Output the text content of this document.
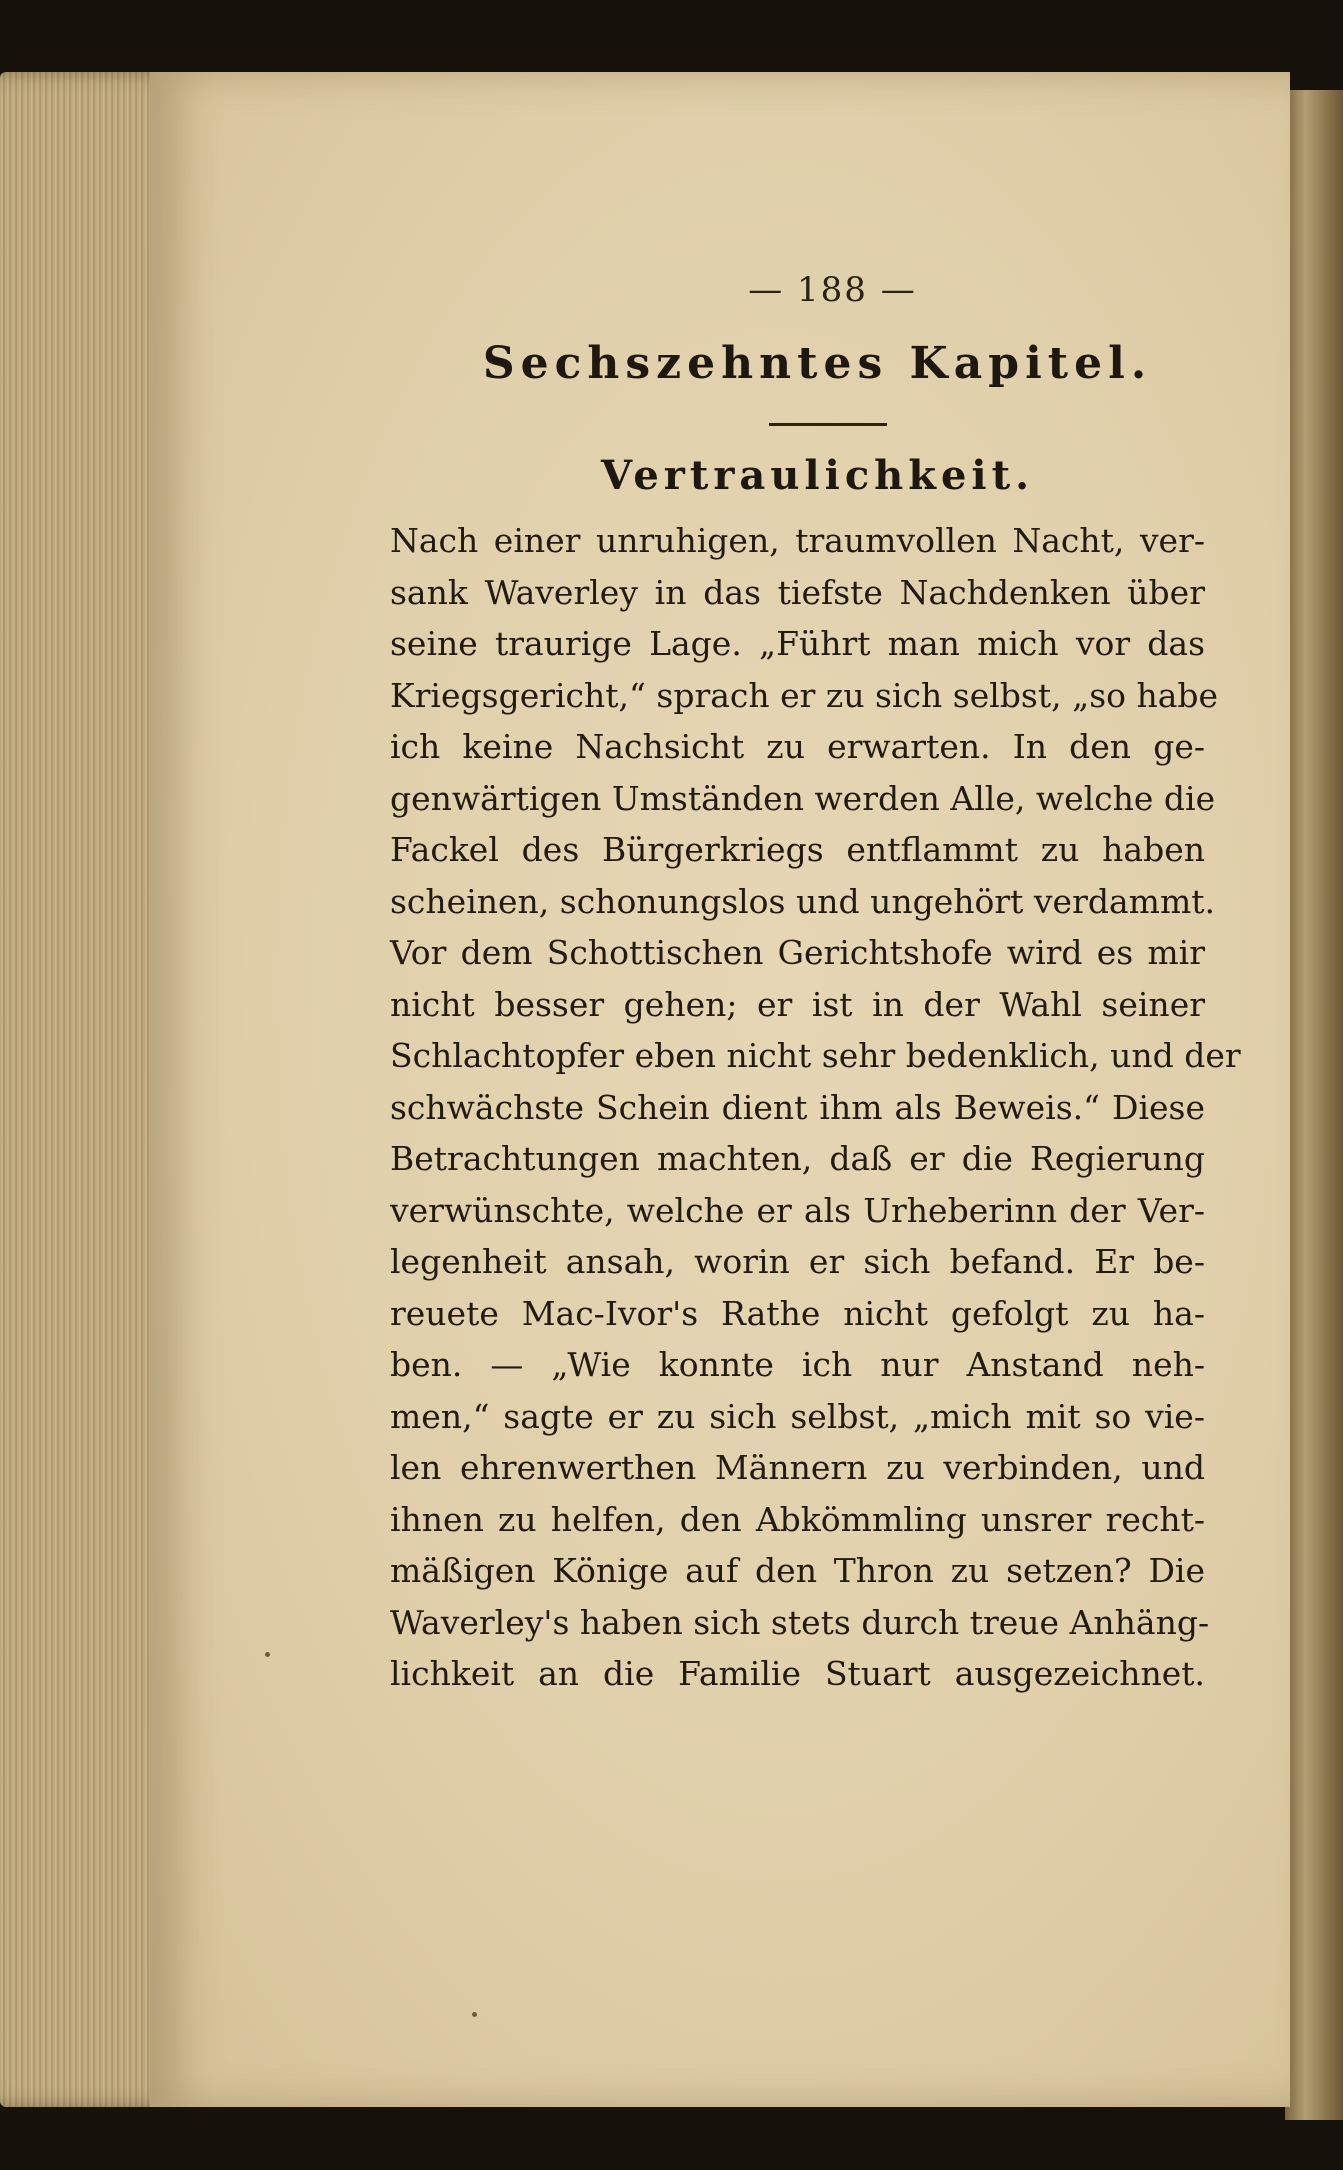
— 188 —
Sechszehntes Kapitel.
Vertraulichkeit.
Nach einer unruhigen, traumvollen Nacht, ver-
sank Waverley in das tiefste Nachdenken über
seine traurige Lage. „Führt man mich vor das
Kriegsgericht,“ sprach er zu sich selbst, „so habe
ich keine Nachsicht zu erwarten. In den ge-
genwärtigen Umständen werden Alle, welche die
Fackel des Bürgerkriegs entflammt zu haben
scheinen, schonungslos und ungehört verdammt.
Vor dem Schottischen Gerichtshofe wird es mir
nicht besser gehen; er ist in der Wahl seiner
Schlachtopfer eben nicht sehr bedenklich, und der
schwächste Schein dient ihm als Beweis.“ Diese
Betrachtungen machten, daß er die Regierung
verwünschte, welche er als Urheberinn der Ver-
legenheit ansah, worin er sich befand. Er be-
reuete Mac-Ivor's Rathe nicht gefolgt zu ha-
ben. — „Wie konnte ich nur Anstand neh-
men,“ sagte er zu sich selbst, „mich mit so vie-
len ehrenwerthen Männern zu verbinden, und
ihnen zu helfen, den Abkömmling unsrer recht-
mäßigen Könige auf den Thron zu setzen? Die
Waverley's haben sich stets durch treue Anhäng-
lichkeit an die Familie Stuart ausgezeichnet.
